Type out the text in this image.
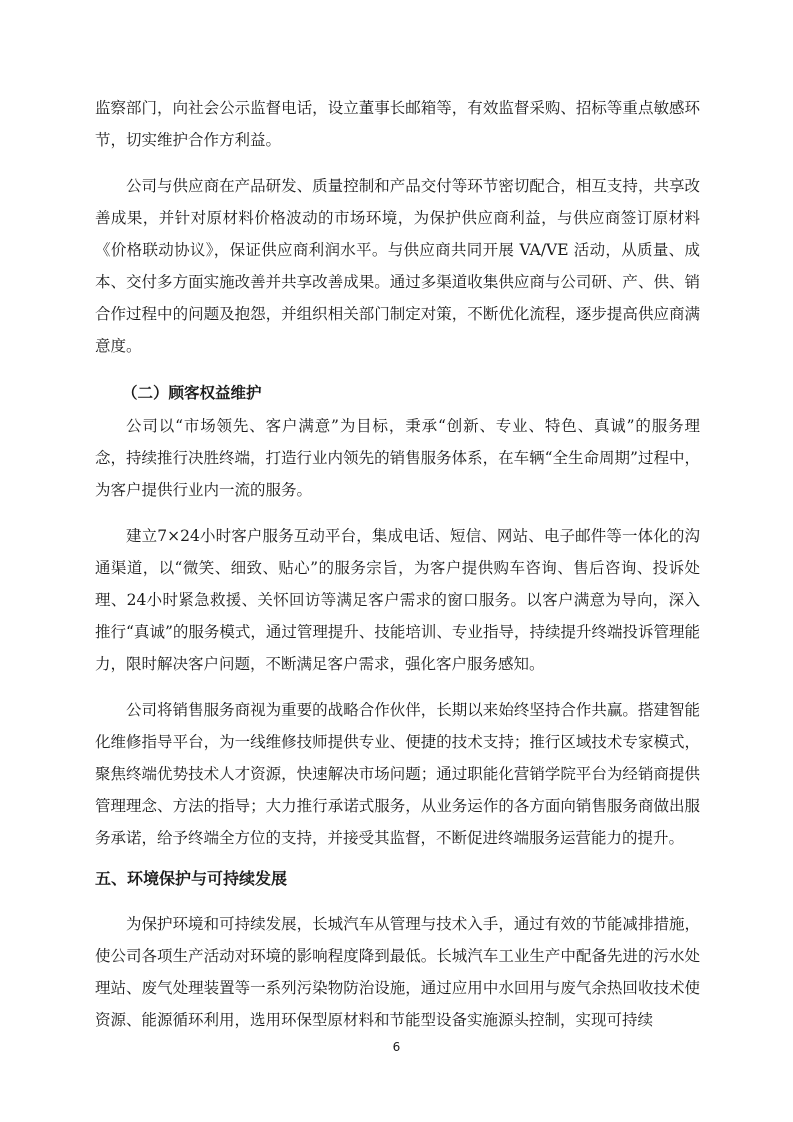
监察部门，向社会公示监督电话，设立董事长邮箱等，有效监督采购、招标等重点敏感环节，切实维护合作方利益。

公司与供应商在产品研发、质量控制和产品交付等环节密切配合，相互支持，共享改善成果，并针对原材料价格波动的市场环境，为保护供应商利益，与供应商签订原材料《价格联动协议》，保证供应商利润水平。与供应商共同开展 VA/VE 活动，从质量、成本、交付多方面实施改善并共享改善成果。通过多渠道收集供应商与公司研、产、供、销合作过程中的问题及抱怨，并组织相关部门制定对策，不断优化流程，逐步提高供应商满意度。

（二）顾客权益维护

公司以“市场领先、客户满意”为目标，秉承“创新、专业、特色、真诚”的服务理念，持续推行决胜终端，打造行业内领先的销售服务体系，在车辆“全生命周期”过程中，为客户提供行业内一流的服务。

建立7×24小时客户服务互动平台，集成电话、短信、网站、电子邮件等一体化的沟通渠道，以“微笑、细致、贴心”的服务宗旨，为客户提供购车咨询、售后咨询、投诉处理、24小时紧急救援、关怀回访等满足客户需求的窗口服务。以客户满意为导向，深入推行“真诚”的服务模式，通过管理提升、技能培训、专业指导，持续提升终端投诉管理能力，限时解决客户问题，不断满足客户需求，强化客户服务感知。

公司将销售服务商视为重要的战略合作伙伴，长期以来始终坚持合作共赢。搭建智能化维修指导平台，为一线维修技师提供专业、便捷的技术支持；推行区域技术专家模式，聚焦终端优势技术人才资源，快速解决市场问题；通过职能化营销学院平台为经销商提供管理理念、方法的指导；大力推行承诺式服务，从业务运作的各方面向销售服务商做出服务承诺，给予终端全方位的支持，并接受其监督，不断促进终端服务运营能力的提升。

五、环境保护与可持续发展

为保护环境和可持续发展，长城汽车从管理与技术入手，通过有效的节能减排措施，使公司各项生产活动对环境的影响程度降到最低。长城汽车工业生产中配备先进的污水处理站、废气处理装置等一系列污染物防治设施，通过应用中水回用与废气余热回收技术使资源、能源循环利用，选用环保型原材料和节能型设备实施源头控制，实现可持续

6
